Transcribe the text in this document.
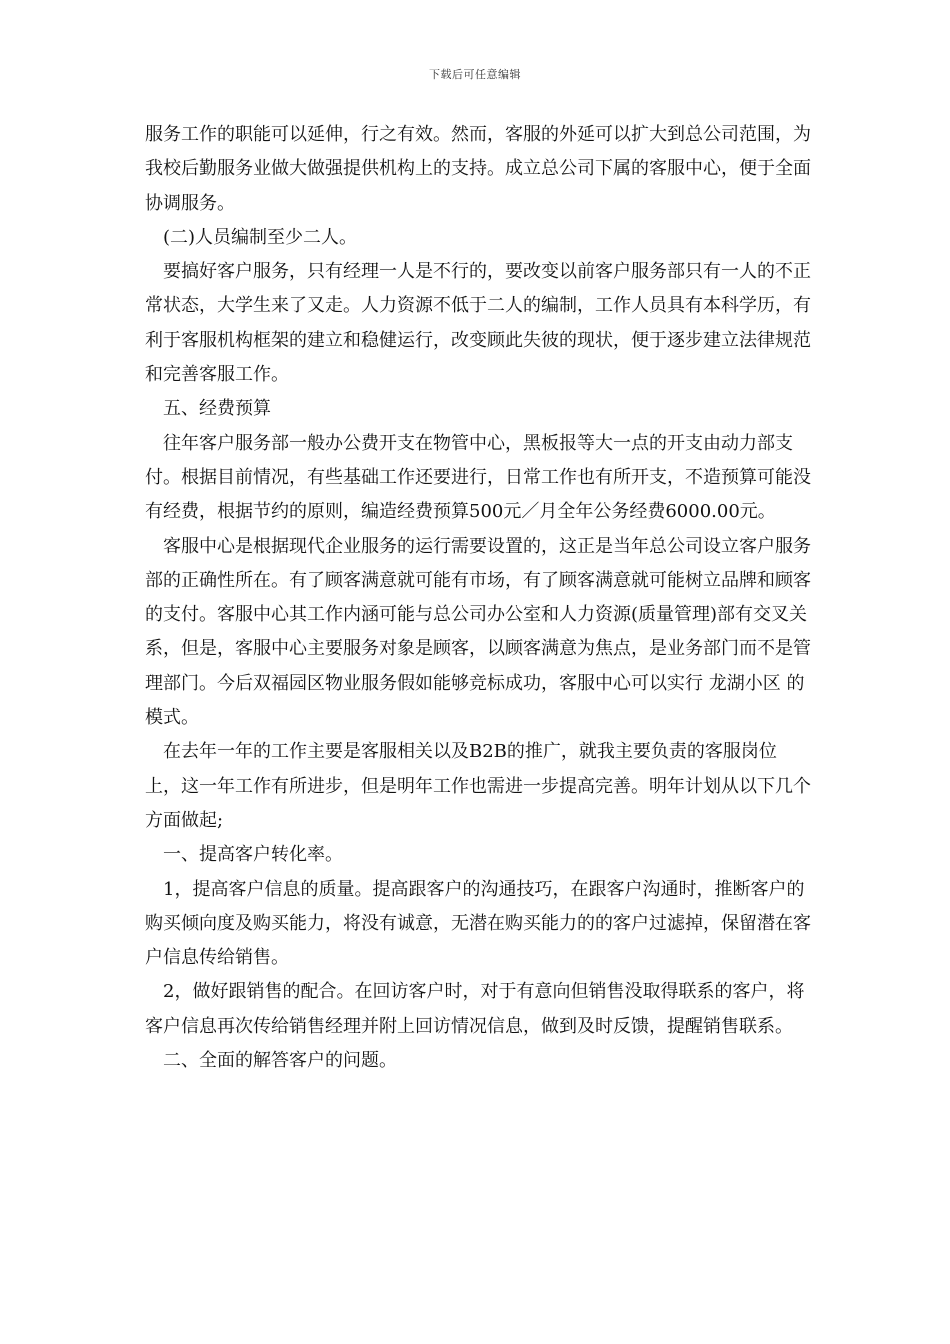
下载后可任意编辑

服务工作的职能可以延伸，行之有效。然而，客服的外延可以扩大到总公司范围，为我校后勤服务业做大做强提供机构上的支持。成立总公司下属的客服中心，便于全面协调服务。

(二)人员编制至少二人。

要搞好客户服务，只有经理一人是不行的，要改变以前客户服务部只有一人的不正常状态，大学生来了又走。人力资源不低于二人的编制，工作人员具有本科学历，有利于客服机构框架的建立和稳健运行，改变顾此失彼的现状，便于逐步建立法律规范和完善客服工作。

五、经费预算

往年客户服务部一般办公费开支在物管中心，黑板报等大一点的开支由动力部支付。根据目前情况，有些基础工作还要进行，日常工作也有所开支，不造预算可能没有经费，根据节约的原则，编造经费预算500元／月全年公务经费6000.00元。

客服中心是根据现代企业服务的运行需要设置的，这正是当年总公司设立客户服务部的正确性所在。有了顾客满意就可能有市场，有了顾客满意就可能树立品牌和顾客的支付。客服中心其工作内涵可能与总公司办公室和人力资源(质量管理)部有交叉关系，但是，客服中心主要服务对象是顾客，以顾客满意为焦点，是业务部门而不是管理部门。今后双福园区物业服务假如能够竞标成功，客服中心可以实行 龙湖小区 的模式。

在去年一年的工作主要是客服相关以及B2B的推广，就我主要负责的客服岗位上，这一年工作有所进步，但是明年工作也需进一步提高完善。明年计划从以下几个方面做起;

一、提高客户转化率。

1，提高客户信息的质量。提高跟客户的沟通技巧，在跟客户沟通时，推断客户的购买倾向度及购买能力，将没有诚意，无潜在购买能力的的客户过滤掉，保留潜在客户信息传给销售。

2，做好跟销售的配合。在回访客户时，对于有意向但销售没取得联系的客户，将客户信息再次传给销售经理并附上回访情况信息，做到及时反馈，提醒销售联系。

二、全面的解答客户的问题。
